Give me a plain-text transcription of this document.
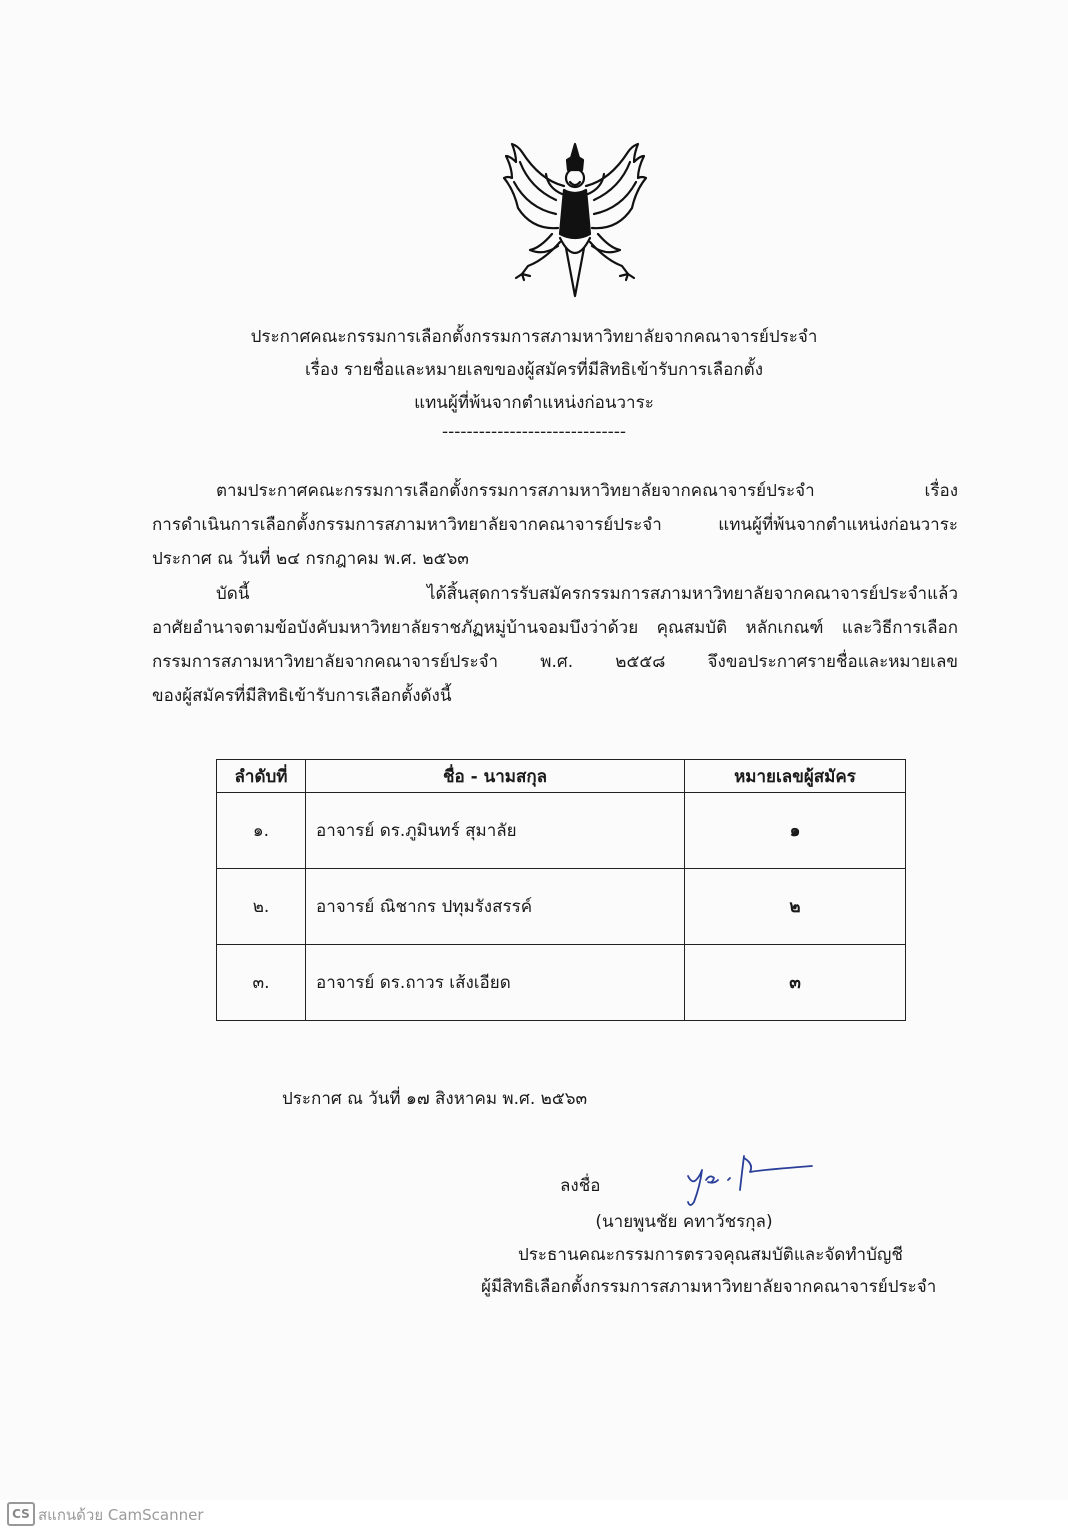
ประกาศคณะกรรมการเลือกตั้งกรรมการสภามหาวิทยาลัยจากคณาจารย์ประจำ
เรื่อง รายชื่อและหมายเลขของผู้สมัครที่มีสิทธิเข้ารับการเลือกตั้ง
แทนผู้ที่พ้นจากตำแหน่งก่อนวาระ
------------------------------
ตามประกาศคณะกรรมการเลือกตั้งกรรมการสภามหาวิทยาลัยจากคณาจารย์ประจำ เรื่อง
การดำเนินการเลือกตั้งกรรมการสภามหาวิทยาลัยจากคณาจารย์ประจำ แทนผู้ที่พ้นจากตำแหน่งก่อนวาระ
ประกาศ ณ วันที่ ๒๔ กรกฎาคม พ.ศ. ๒๕๖๓
บัดนี้ ได้สิ้นสุดการรับสมัครกรรมการสภามหาวิทยาลัยจากคณาจารย์ประจำแล้ว
อาศัยอำนาจตามข้อบังคับมหาวิทยาลัยราชภัฏหมู่บ้านจอมบึงว่าด้วย คุณสมบัติ หลักเกณฑ์ และวิธีการเลือก
กรรมการสภามหาวิทยาลัยจากคณาจารย์ประจำ พ.ศ. ๒๕๕๘ จึงขอประกาศรายชื่อและหมายเลข
ของผู้สมัครที่มีสิทธิเข้ารับการเลือกตั้งดังนี้
ลำดับที่	ชื่อ - นามสกุล	หมายเลขผู้สมัคร
๑.	อาจารย์ ดร.ภูมินทร์ สุมาลัย	๑
๒.	อาจารย์ ณิชากร ปทุมรังสรรค์	๒
๓.	อาจารย์ ดร.ถาวร เส้งเอียด	๓
ประกาศ ณ วันที่ ๑๗ สิงหาคม พ.ศ. ๒๕๖๓
ลงชื่อ
(นายพูนชัย คทาวัชรกุล)
ประธานคณะกรรมการตรวจคุณสมบัติและจัดทำบัญชี
ผู้มีสิทธิเลือกตั้งกรรมการสภามหาวิทยาลัยจากคณาจารย์ประจำ
CS สแกนด้วย CamScanner
